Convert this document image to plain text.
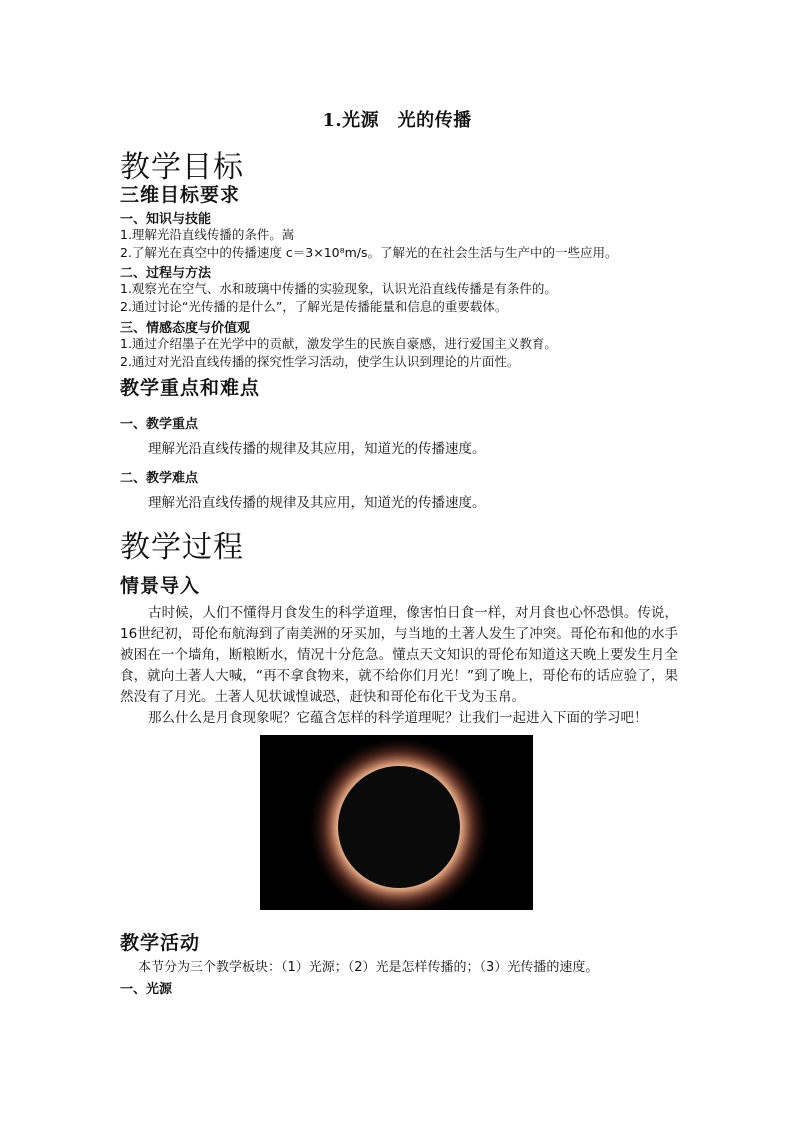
1.光源　光的传播
教学目标
三维目标要求
一、知识与技能
1.理解光沿直线传播的条件。嵩
2.了解光在真空中的传播速度 c＝3×10⁸m/s。了解光的在社会生活与生产中的一些应用。
二、过程与方法
1.观察光在空气、水和玻璃中传播的实验现象，认识光沿直线传播是有条件的。
2.通过讨论“光传播的是什么”，了解光是传播能量和信息的重要载体。
三、情感态度与价值观
1.通过介绍墨子在光学中的贡献，激发学生的民族自豪感，进行爱国主义教育。
2.通过对光沿直线传播的探究性学习活动，使学生认识到理论的片面性。
教学重点和难点
一、教学重点
理解光沿直线传播的规律及其应用，知道光的传播速度。
二、教学难点
理解光沿直线传播的规律及其应用，知道光的传播速度。
教学过程
情景导入

古时候，人们不懂得月食发生的科学道理，像害怕日食一样，对月食也心怀恐惧。传说，16世纪初，哥伦布航海到了南美洲的牙买加，与当地的土著人发生了冲突。哥伦布和他的水手被困在一个墙角，断粮断水，情况十分危急。懂点天文知识的哥伦布知道这天晚上要发生月全食，就向土著人大喊，“再不拿食物来，就不给你们月光！”到了晚上，哥伦布的话应验了，果然没有了月光。土著人见状诚惶诚恐，赶快和哥伦布化干戈为玉帛。

那么什么是月食现象呢？它蕴含怎样的科学道理呢？让我们一起进入下面的学习吧！

教学活动
本节分为三个教学板块：（1）光源；（2）光是怎样传播的；（3）光传播的速度。
一、光源
